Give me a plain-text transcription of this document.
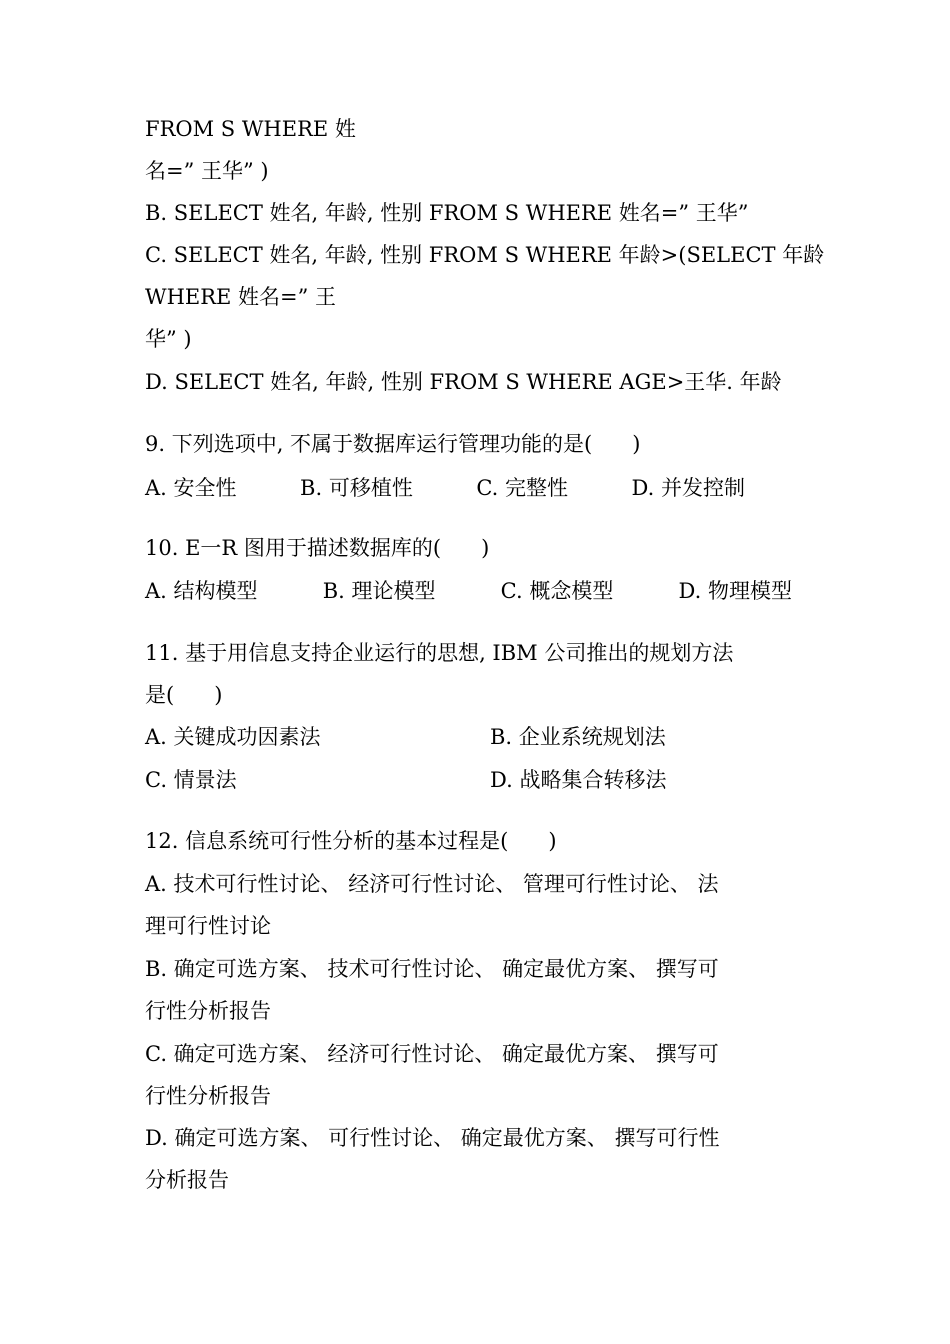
FROM S WHERE 姓
名=” 王华” )
B. SELECT 姓名, 年龄, 性别 FROM S WHERE 姓名=” 王华”
C. SELECT 姓名, 年龄, 性别 FROM S WHERE 年龄>(SELECT 年龄
WHERE 姓名=” 王
华” )
D. SELECT 姓名, 年龄, 性别 FROM S WHERE AGE>王华. 年龄
9. 下列选项中, 不属于数据库运行管理功能的是(      )
A. 安全性	B. 可移植性	C. 完整性	D. 并发控制
10. E一R 图用于描述数据库的(      )
A. 结构模型	B. 理论模型	C. 概念模型	D. 物理模型
11. 基于用信息支持企业运行的思想, IBM 公司推出的规划方法
是(      )
A. 关键成功因素法	B. 企业系统规划法
C. 情景法	D. 战略集合转移法
12. 信息系统可行性分析的基本过程是(      )
A. 技术可行性讨论、 经济可行性讨论、 管理可行性讨论、 法
理可行性讨论
B. 确定可选方案、 技术可行性讨论、 确定最优方案、 撰写可
行性分析报告
C. 确定可选方案、 经济可行性讨论、 确定最优方案、 撰写可
行性分析报告
D. 确定可选方案、 可行性讨论、 确定最优方案、 撰写可行性
分析报告
